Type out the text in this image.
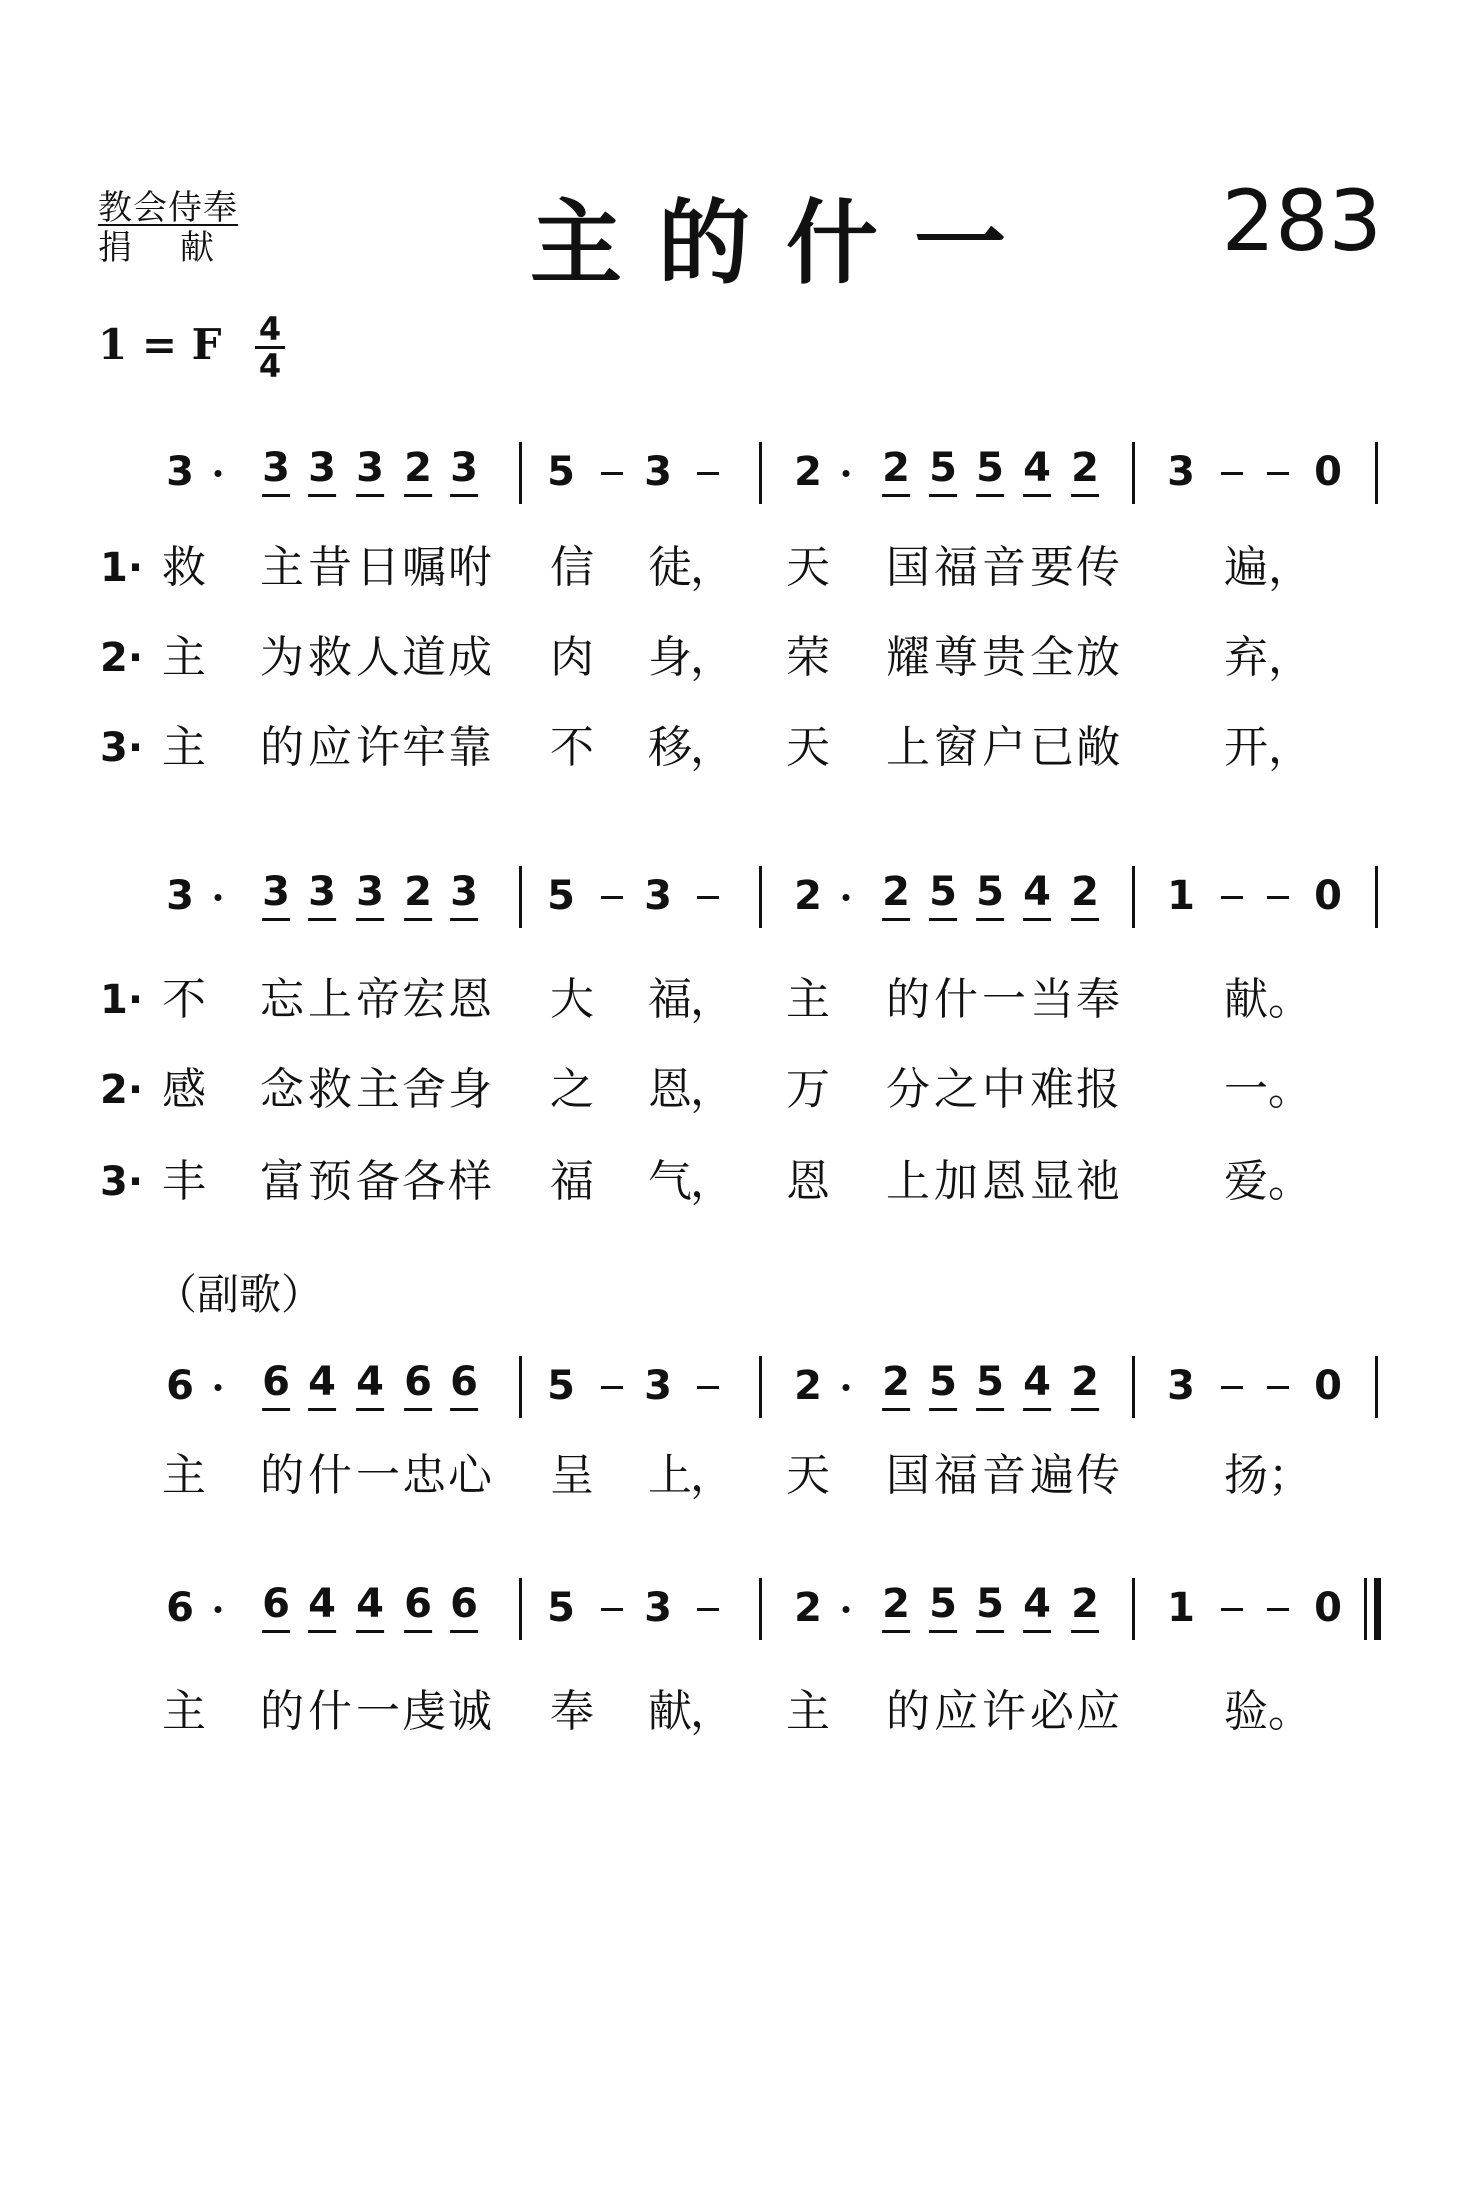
教会侍奉
捐献	主的什一 283
1 = F 4
4
3 3 3 3 2 3 5 3	2 2 5 5 4 2 3	0
1· 救 主 昔 日 嘱 咐 信 徒
， 天 国 福 音 要 传 遍 ，
2· 主 为 救 人 道 成 肉 身
， 荣 耀 尊 贵 全 放 弃 ，
3· 主 的 应 许 牢 靠 不 移
， 天 上 窗 户 已 敞 开 ，
3 3 3 3 2 3 5 3	2 2 5 5 4 2 1	0
1· 不 忘 上 帝 宏 恩 大 福
， 主 的 什 一 当 奉 献 。
2· 感 念 救 主 舍 身 之 恩
， 万 分 之 中 难 报 一 。
3· 丰 富 预 备 各 样 福 气
， 恩 上 加 恩 显 祂 爱 。
（副歌）
6 6 4 4 6 6 5 3	2 2 5 5 4 2 3	0
主 的 什 一 忠 心 呈 上
， 天 国 福 音 遍 传 扬 ；
6 6 4 4 6 6 5 3	2 2 5 5 4 2 1	0
主 的 什 一 虔 诚 奉 献
， 主 的 应 许 必 应 验 。
